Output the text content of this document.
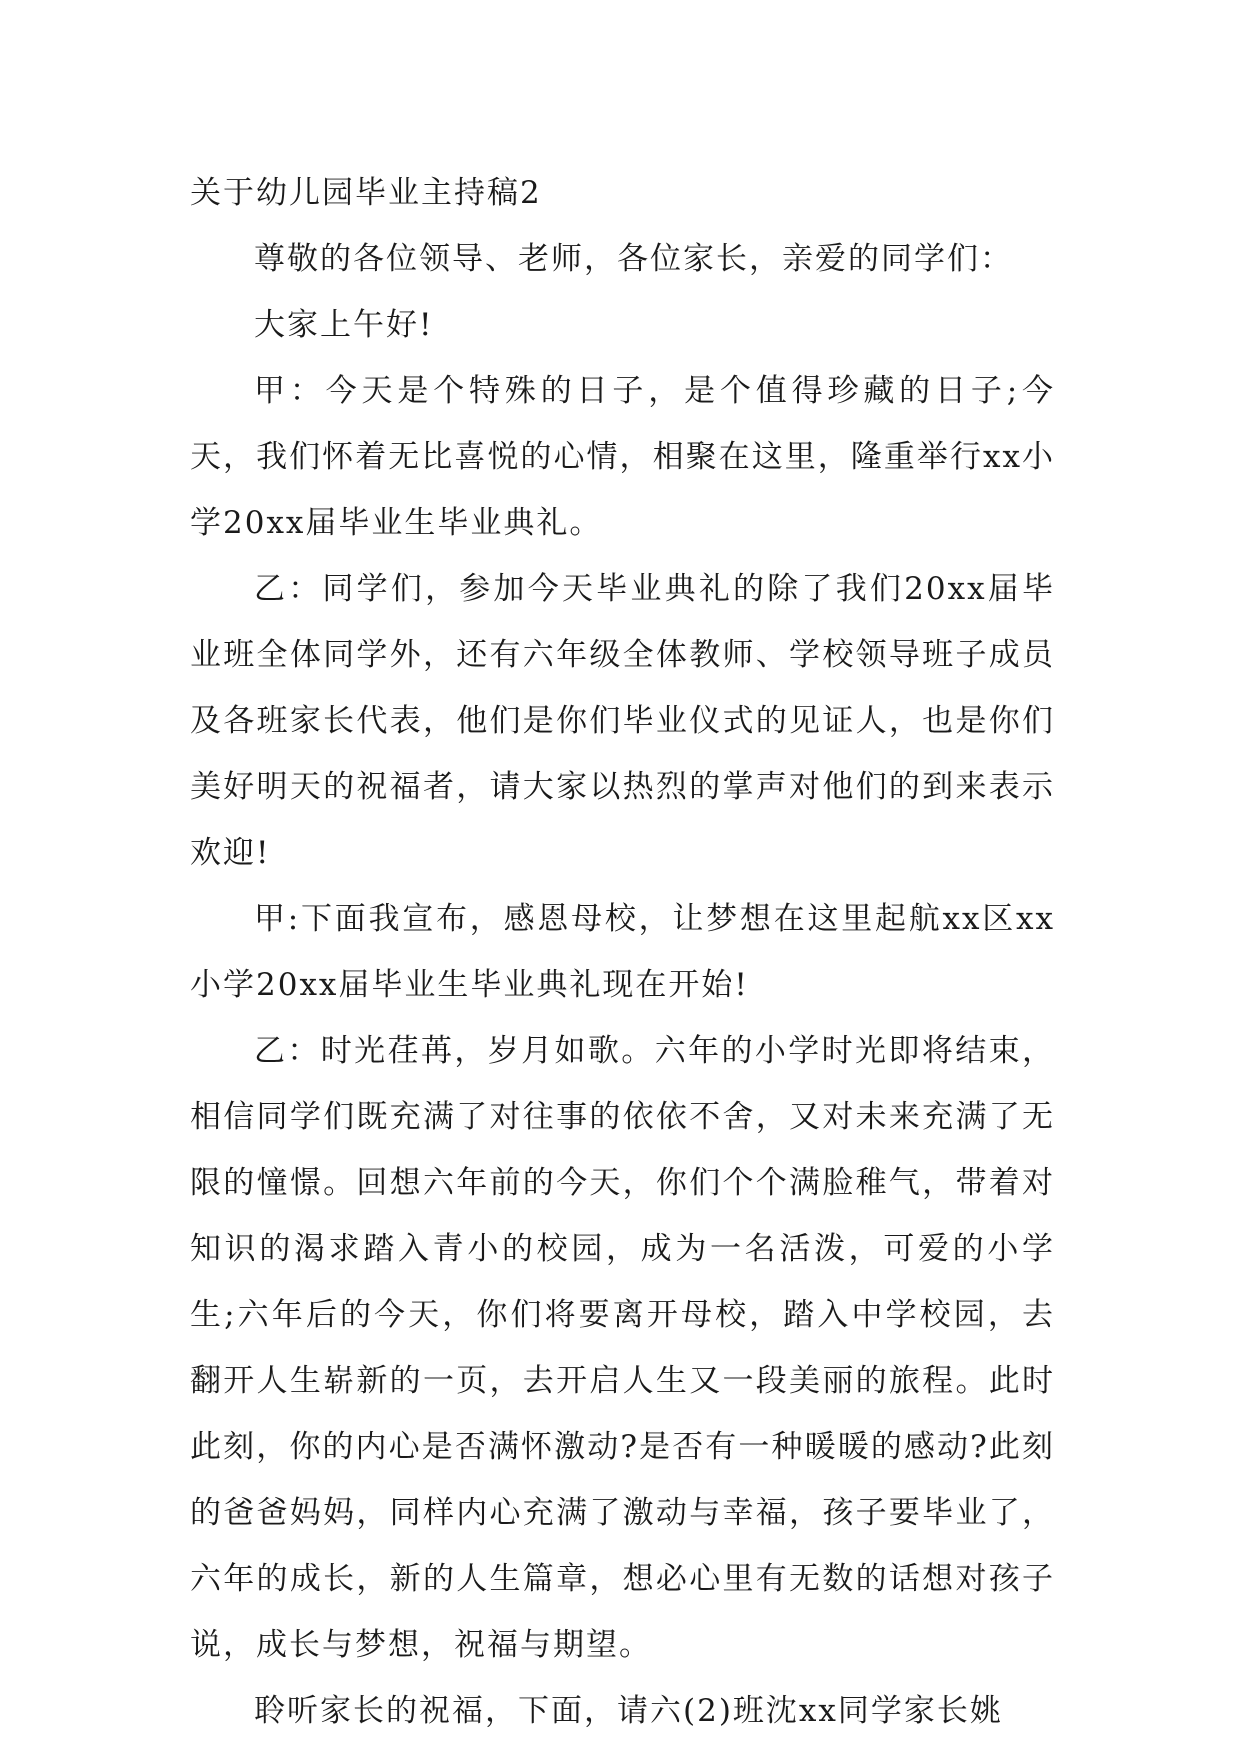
关于幼儿园毕业主持稿2

尊敬的各位领导、老师，各位家长，亲爱的同学们：

大家上午好!

甲：今天是个特殊的日子，是个值得珍藏的日子;今天，我们怀着无比喜悦的心情，相聚在这里，隆重举行xx小学20xx届毕业生毕业典礼。

乙：同学们，参加今天毕业典礼的除了我们20xx届毕业班全体同学外，还有六年级全体教师、学校领导班子成员及各班家长代表，他们是你们毕业仪式的见证人，也是你们美好明天的祝福者，请大家以热烈的掌声对他们的到来表示欢迎!

甲:下面我宣布，感恩母校，让梦想在这里起航xx区xx小学20xx届毕业生毕业典礼现在开始!

乙：时光荏苒，岁月如歌。六年的小学时光即将结束，相信同学们既充满了对往事的依依不舍，又对未来充满了无限的憧憬。回想六年前的今天，你们个个满脸稚气，带着对知识的渴求踏入青小的校园，成为一名活泼，可爱的小学生;六年后的今天，你们将要离开母校，踏入中学校园，去翻开人生崭新的一页，去开启人生又一段美丽的旅程。此时此刻，你的内心是否满怀激动?是否有一种暖暖的感动?此刻的爸爸妈妈，同样内心充满了激动与幸福，孩子要毕业了，六年的成长，新的人生篇章，想必心里有无数的话想对孩子说，成长与梦想，祝福与期望。

聆听家长的祝福，下面，请六(2)班沈xx同学家长姚
